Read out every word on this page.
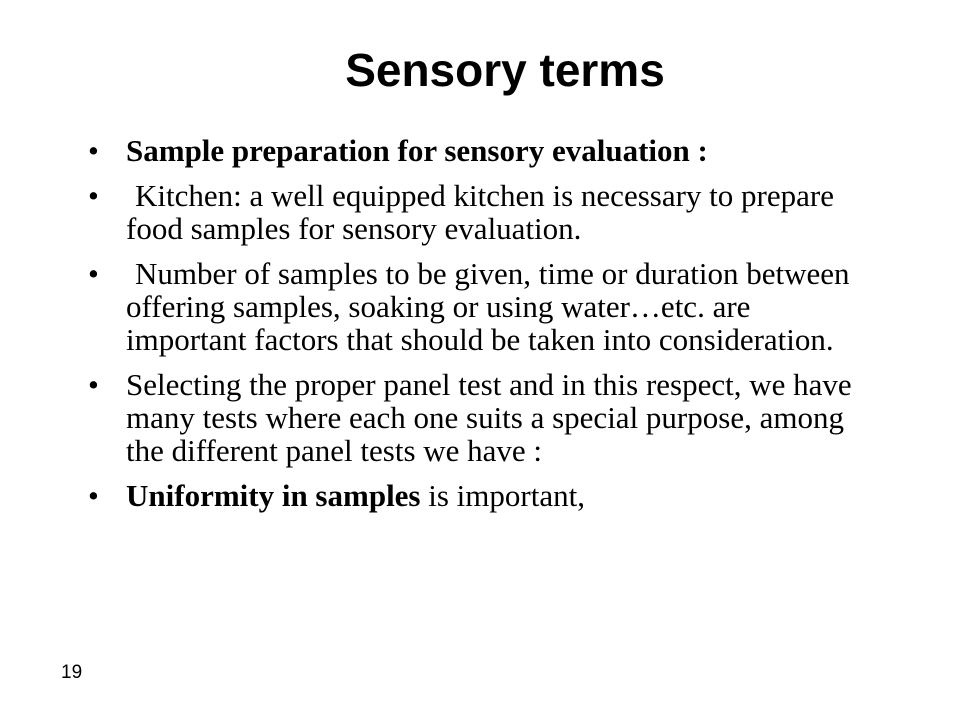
Sensory terms
• Sample preparation for sensory evaluation :
• Kitchen: a well equipped kitchen is necessary to prepare food samples for sensory evaluation.
• Number of samples to be given, time or duration between offering samples, soaking or using water…etc. are important factors that should be taken into consideration.
• Selecting the proper panel test and in this respect, we have many tests where each one suits a special purpose, among the different panel tests we have :
• Uniformity in samples is important,

19
